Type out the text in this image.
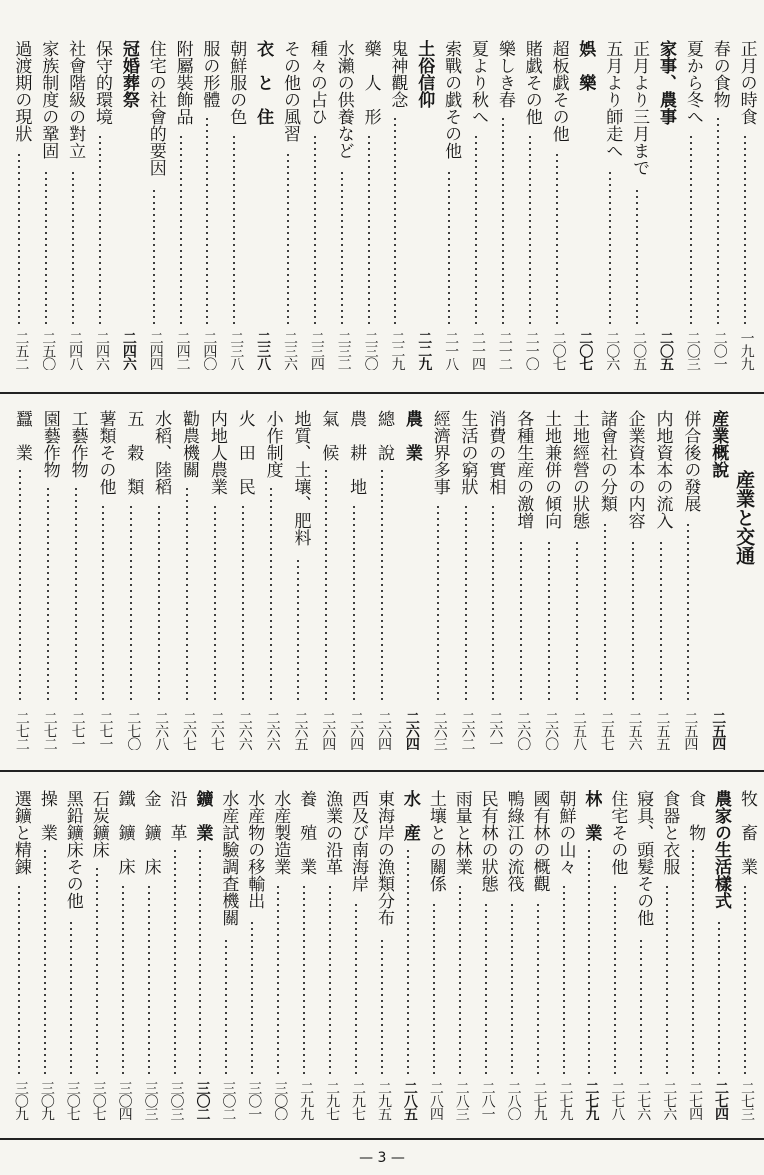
正月の時食
一九九
春の食物
二〇一
夏から冬へ
二〇三
家事、農事
二〇五
正月より三月まで
二〇五
五月より師走へ
二〇六
娯　樂
二〇七
超板戯その他
二〇七
賭戯その他
二一〇
樂しき春
二一二
夏より秋へ
二一四
索戰の戯その他
二一八
土俗信仰
二二九
鬼神觀念
二二九
藥　人　形
二三〇
水瀨の供養など
二三二
種々の占ひ
二三四
その他の風習
二三六
衣　と　住
二三八
朝鮮服の色
二三八
服の形體
二四〇
附屬裝飾品
二四二
住宅の社會的要因
二四四
冠婚葬祭
二四六
保守的環境
二四六
社會階級の對立
二四八
家族制度の鞏固
二五〇
過渡期の現狀
二五二
産業と交通
産業概說
二五四
併合後の發展
二五四
内地資本の流入
二五五
企業資本の内容
二五六
諸會社の分類
二五七
土地經營の狀態
二五八
土地兼併の傾向
二六〇
各種生産の激增
二六〇
消費の實相
二六一
生活の窮狀
二六二
經濟界多事
二六三
農　業
二六四
總　說
二六四
農　耕　地
二六四
氣　候
二六四
地質、土壤、肥料
二六五
小作制度
二六六
火　田　民
二六六
内地人農業
二六七
勸農機關
二六七
水稻、陸稻
二六八
五　穀　類
二七〇
薯類その他
二七一
工藝作物
二七一
園藝作物
二七二
蠶　業
二七二
牧　畜　業
二七三
農家の生活樣式
二七四
食　物
二七四
食器と衣服
二七六
寢具、頭髮その他
二七六
住宅その他
二七八
林　業
二七九
朝鮮の山々
二七九
國有林の概觀
二七九
鴨綠江の流筏
二八〇
民有林の狀態
二八一
雨量と林業
二八三
土壤との關係
二八四
水　産
二八五
東海岸の漁類分布
二九五
西及び南海岸
二九七
漁業の沿革
二九七
養　殖　業
二九九
水産製造業
三〇〇
水産物の移輸出
三〇一
水産試驗調査機關
三〇二
鑛　業
三〇二
沿　革
三〇三
金　鑛　床
三〇三
鐵　鑛　床
三〇四
石炭鑛床
三〇七
黑鉛鑛床その他
三〇七
操　業
三〇九
選鑛と精錬
三〇九
— 3 —
